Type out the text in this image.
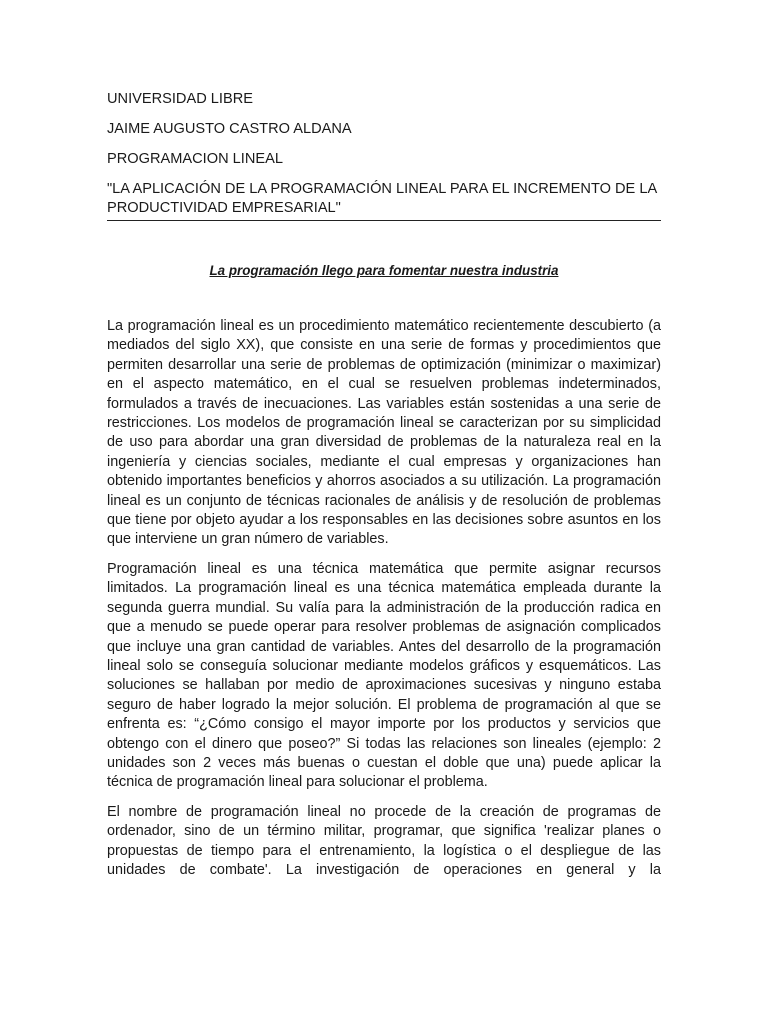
UNIVERSIDAD LIBRE

JAIME AUGUSTO CASTRO ALDANA

PROGRAMACION LINEAL

"LA APLICACIÓN DE LA PROGRAMACIÓN LINEAL PARA EL INCREMENTO DE LA PRODUCTIVIDAD EMPRESARIAL"

La programación llego para fomentar nuestra industria

La programación lineal es un procedimiento matemático recientemente descubierto (a mediados del siglo XX), que consiste en una serie de formas y procedimientos que permiten desarrollar una serie de problemas de optimización (minimizar o maximizar) en el aspecto matemático, en el cual se resuelven problemas indeterminados, formulados a través de inecuaciones. Las variables están sostenidas a una serie de restricciones. Los modelos de programación lineal se caracterizan por su simplicidad de uso para abordar una gran diversidad de problemas de la naturaleza real en la ingeniería y ciencias sociales, mediante el cual empresas y organizaciones han obtenido importantes beneficios y ahorros asociados a su utilización. La programación lineal es un conjunto de técnicas racionales de análisis y de resolución de problemas que tiene por objeto ayudar a los responsables en las decisiones sobre asuntos en los que interviene un gran número de variables.

Programación lineal es una técnica matemática que permite asignar recursos limitados. La programación lineal es una técnica matemática empleada durante la segunda guerra mundial. Su valía para la administración de la producción radica en que a menudo se puede operar para resolver problemas de asignación complicados que incluye una gran cantidad de variables. Antes del desarrollo de la programación lineal solo se conseguía solucionar mediante modelos gráficos y esquemáticos. Las soluciones se hallaban por medio de aproximaciones sucesivas y ninguno estaba seguro de haber logrado la mejor solución. El problema de programación al que se enfrenta es: “¿Cómo consigo el mayor importe por los productos y servicios que obtengo con el dinero que poseo?” Si todas las relaciones son lineales (ejemplo: 2 unidades son 2 veces más buenas o cuestan el doble que una) puede aplicar la técnica de programación lineal para solucionar el problema.

El nombre de programación lineal no procede de la creación de programas de ordenador, sino de un término militar, programar, que significa 'realizar planes o propuestas de tiempo para el entrenamiento, la logística o el despliegue de las unidades de combate'. La investigación de operaciones en general y la
